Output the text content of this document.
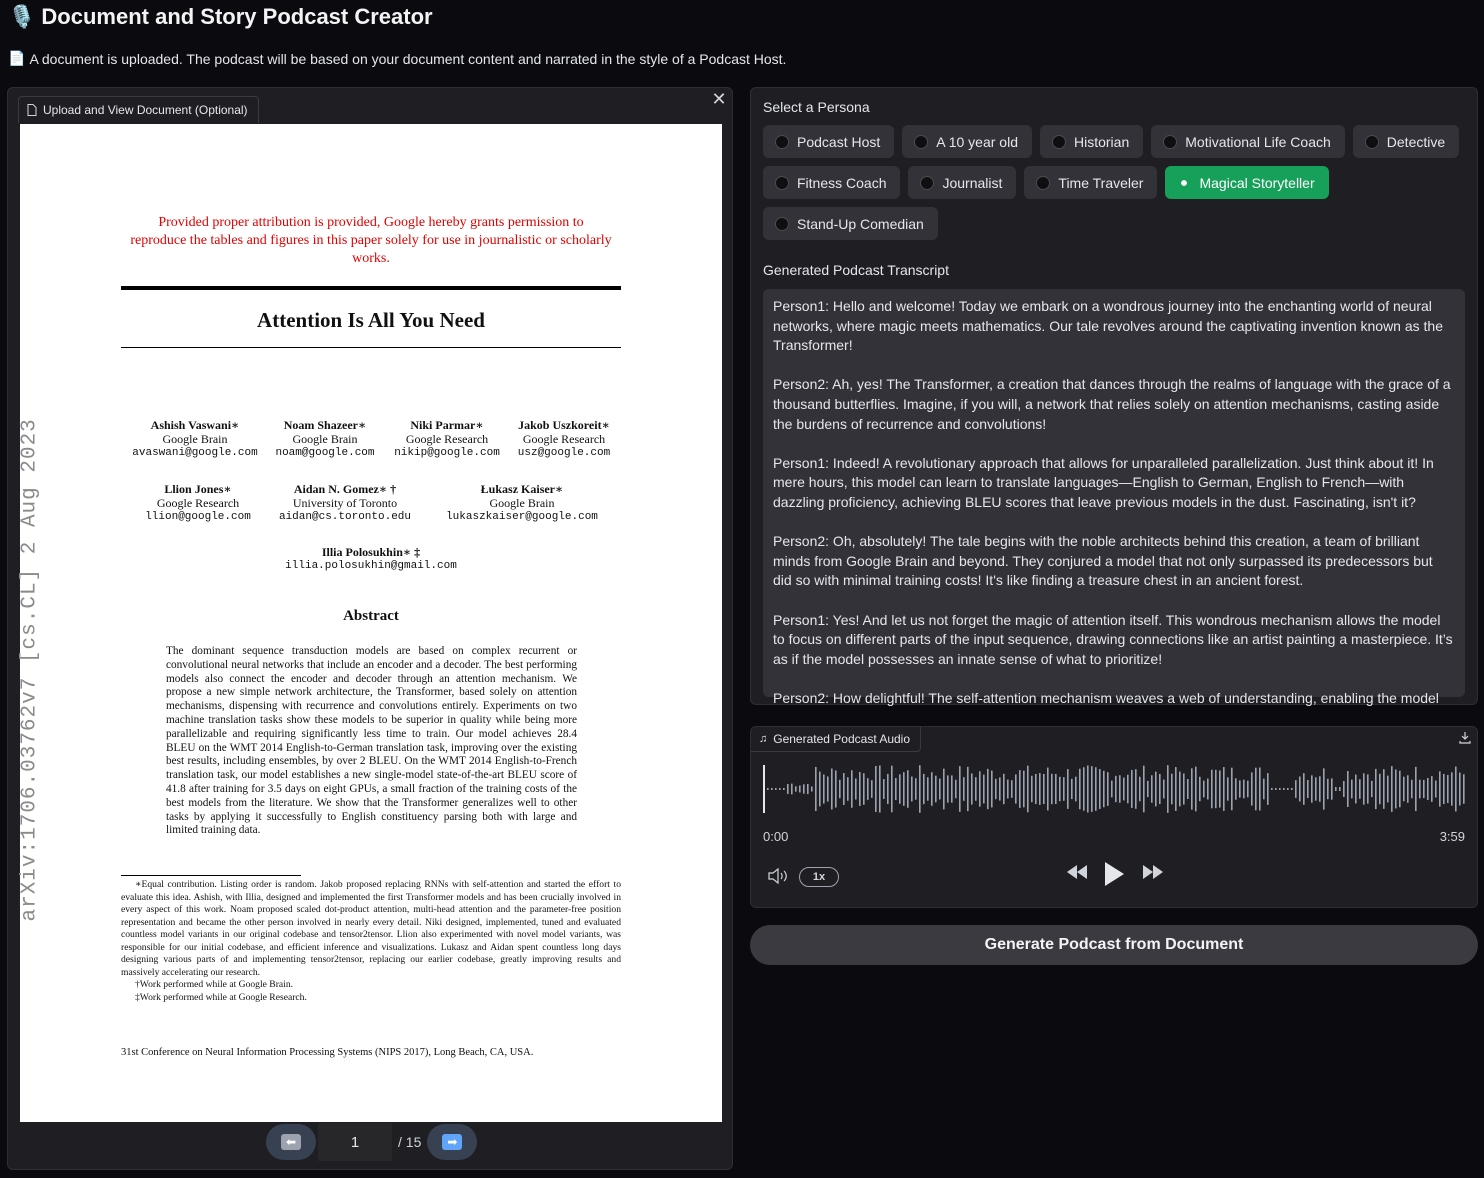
🎙️ Document and Story Podcast Creator
📄 A document is uploaded. The podcast will be based on your document content and narrated in the style of a Podcast Host.
Upload and View Document (Optional)
✕
arXiv:1706.03762v7 [cs.CL] 2 Aug 2023
Provided proper attribution is provided, Google hereby grants permission to reproduce the tables and figures in this paper solely for use in journalistic or scholarly works.
Attention Is All You Need
Ashish Vaswani∗
Google Brain
avaswani@google.com
Noam Shazeer∗
Google Brain
noam@google.com
Niki Parmar∗
Google Research
nikip@google.com
Jakob Uszkoreit∗
Google Research
usz@google.com
Llion Jones∗
Google Research
llion@google.com
Aidan N. Gomez∗ †
University of Toronto
aidan@cs.toronto.edu
Łukasz Kaiser∗
Google Brain
lukaszkaiser@google.com
Illia Polosukhin∗ ‡
illia.polosukhin@gmail.com
Abstract
The dominant sequence transduction models are based on complex recurrent or convolutional neural networks that include an encoder and a decoder. The best performing models also connect the encoder and decoder through an attention mechanism. We propose a new simple network architecture, the Transformer, based solely on attention mechanisms, dispensing with recurrence and convolutions entirely. Experiments on two machine translation tasks show these models to be superior in quality while being more parallelizable and requiring significantly less time to train. Our model achieves 28.4 BLEU on the WMT 2014 English-to-German translation task, improving over the existing best results, including ensembles, by over 2 BLEU. On the WMT 2014 English-to-French translation task, our model establishes a new single-model state-of-the-art BLEU score of 41.8 after training for 3.5 days on eight GPUs, a small fraction of the training costs of the best models from the literature. We show that the Transformer generalizes well to other tasks by applying it successfully to English constituency parsing both with large and limited training data.

∗Equal contribution. Listing order is random. Jakob proposed replacing RNNs with self-attention and started the effort to evaluate this idea. Ashish, with Illia, designed and implemented the first Transformer models and has been crucially involved in every aspect of this work. Noam proposed scaled dot-product attention, multi-head attention and the parameter-free position representation and became the other person involved in nearly every detail. Niki designed, implemented, tuned and evaluated countless model variants in our original codebase and tensor2tensor. Llion also experimented with novel model variants, was responsible for our initial codebase, and efficient inference and visualizations. Lukasz and Aidan spent countless long days designing various parts of and implementing tensor2tensor, replacing our earlier codebase, greatly improving results and massively accelerating our research.

†Work performed while at Google Brain.

‡Work performed while at Google Research.

31st Conference on Neural Information Processing Systems (NIPS 2017), Long Beach, CA, USA.
⬅
1	/ 15	➡
Select a Persona
Podcast Host	A 10 year old	Historian	Motivational Life Coach	Detective
Fitness Coach	Journalist	Time Traveler	Magical Storyteller
Stand-Up Comedian
Generated Podcast Transcript

Person1: Hello and welcome! Today we embark on a wondrous journey into the enchanting world of neural networks, where magic meets mathematics. Our tale revolves around the captivating invention known as the Transformer!

Person2: Ah, yes! The Transformer, a creation that dances through the realms of language with the grace of a thousand butterflies. Imagine, if you will, a network that relies solely on attention mechanisms, casting aside the burdens of recurrence and convolutions!

Person1: Indeed! A revolutionary approach that allows for unparalleled parallelization. Just think about it! In mere hours, this model can learn to translate languages—English to German, English to French—with dazzling proficiency, achieving BLEU scores that leave previous models in the dust. Fascinating, isn't it?

Person2: Oh, absolutely! The tale begins with the noble architects behind this creation, a team of brilliant minds from Google Brain and beyond. They conjured a model that not only surpassed its predecessors but did so with minimal training costs! It's like finding a treasure chest in an ancient forest.

Person1: Yes! And let us not forget the magic of attention itself. This wondrous mechanism allows the model to focus on different parts of the input sequence, drawing connections like an artist painting a masterpiece. It’s as if the model possesses an innate sense of what to prioritize!

Person2: How delightful! The self-attention mechanism weaves a web of understanding, enabling the model

♫ Generated Podcast Audio
0:00	3:59
1x
Generate Podcast from Document
